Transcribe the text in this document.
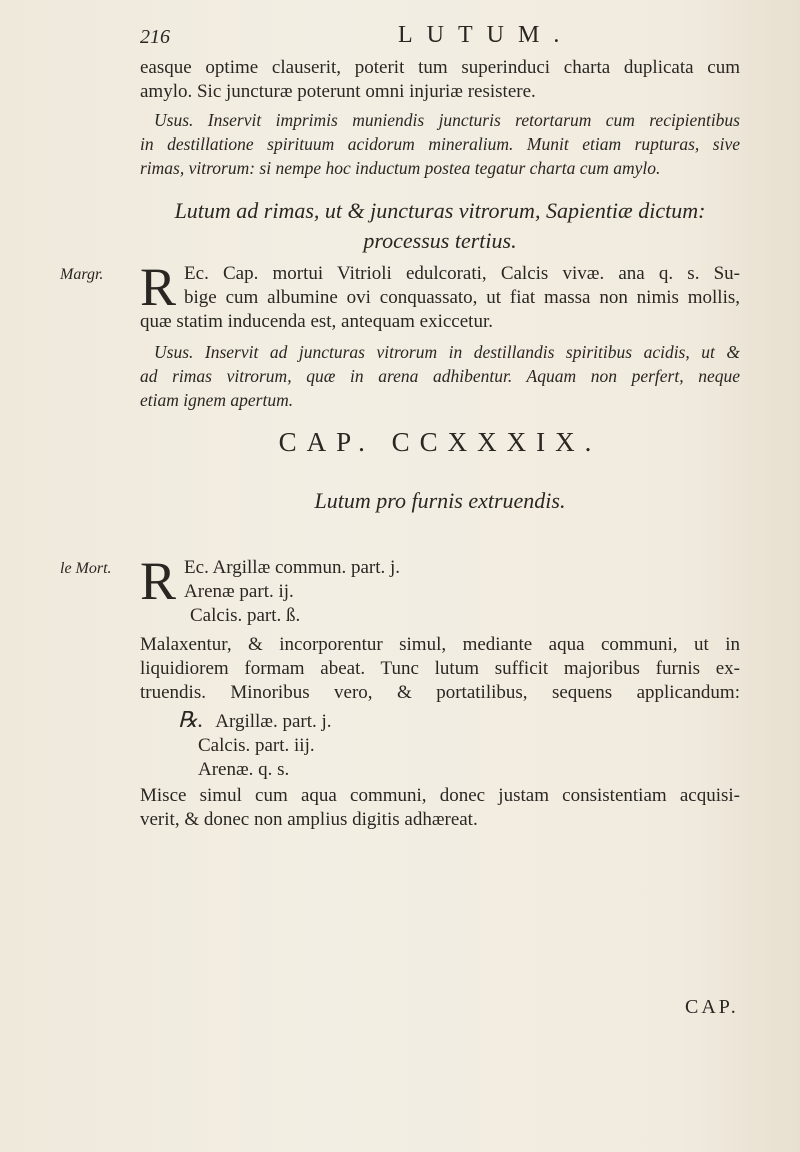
216	LUTUM.

easque optime clauserit, poterit tum superinduci charta duplicata cum

amylo. Sic juncturæ poterunt omni injuriæ resistere.

Usus. Inservit imprimis muniendis juncturis retortarum cum recipientibus

in destillatione spirituum acidorum mineralium. Munit etiam rupturas, sive

rimas, vitrorum: si nempe hoc inductum postea tegatur charta cum amylo.

Lutum ad rimas, ut & juncturas vitrorum, Sapientiæ dictum:

processus tertius.

Margr. R Ec. Cap. mortui Vitrioli edulcorati, Calcis vivæ. ana q. s. Su-

bige cum albumine ovi conquassato, ut fiat massa non nimis mollis,

quæ statim inducenda est, antequam exiccetur.

Usus. Inservit ad juncturas vitrorum in destillandis spiritibus acidis, ut &

ad rimas vitrorum, quæ in arena adhibentur. Aquam non perfert, neque

etiam ignem apertum.

CAP. CCXXXIX.
Lutum pro furnis extruendis.
le Mort. R Ec. Argillæ commun. part. j.

Arenæ part. ij.

Calcis. part. ß.

Malaxentur, & incorporentur simul, mediante aqua communi, ut in

liquidiorem formam abeat. Tunc lutum sufficit majoribus furnis ex-

truendis. Minoribus vero, & portatilibus, sequens applicandum:

℞. Argillæ. part. j.

Calcis. part. iij.

Arenæ. q. s.

Misce simul cum aqua communi, donec justam consistentiam acquisi-

verit, & donec non amplius digitis adhæreat.

CAP.
